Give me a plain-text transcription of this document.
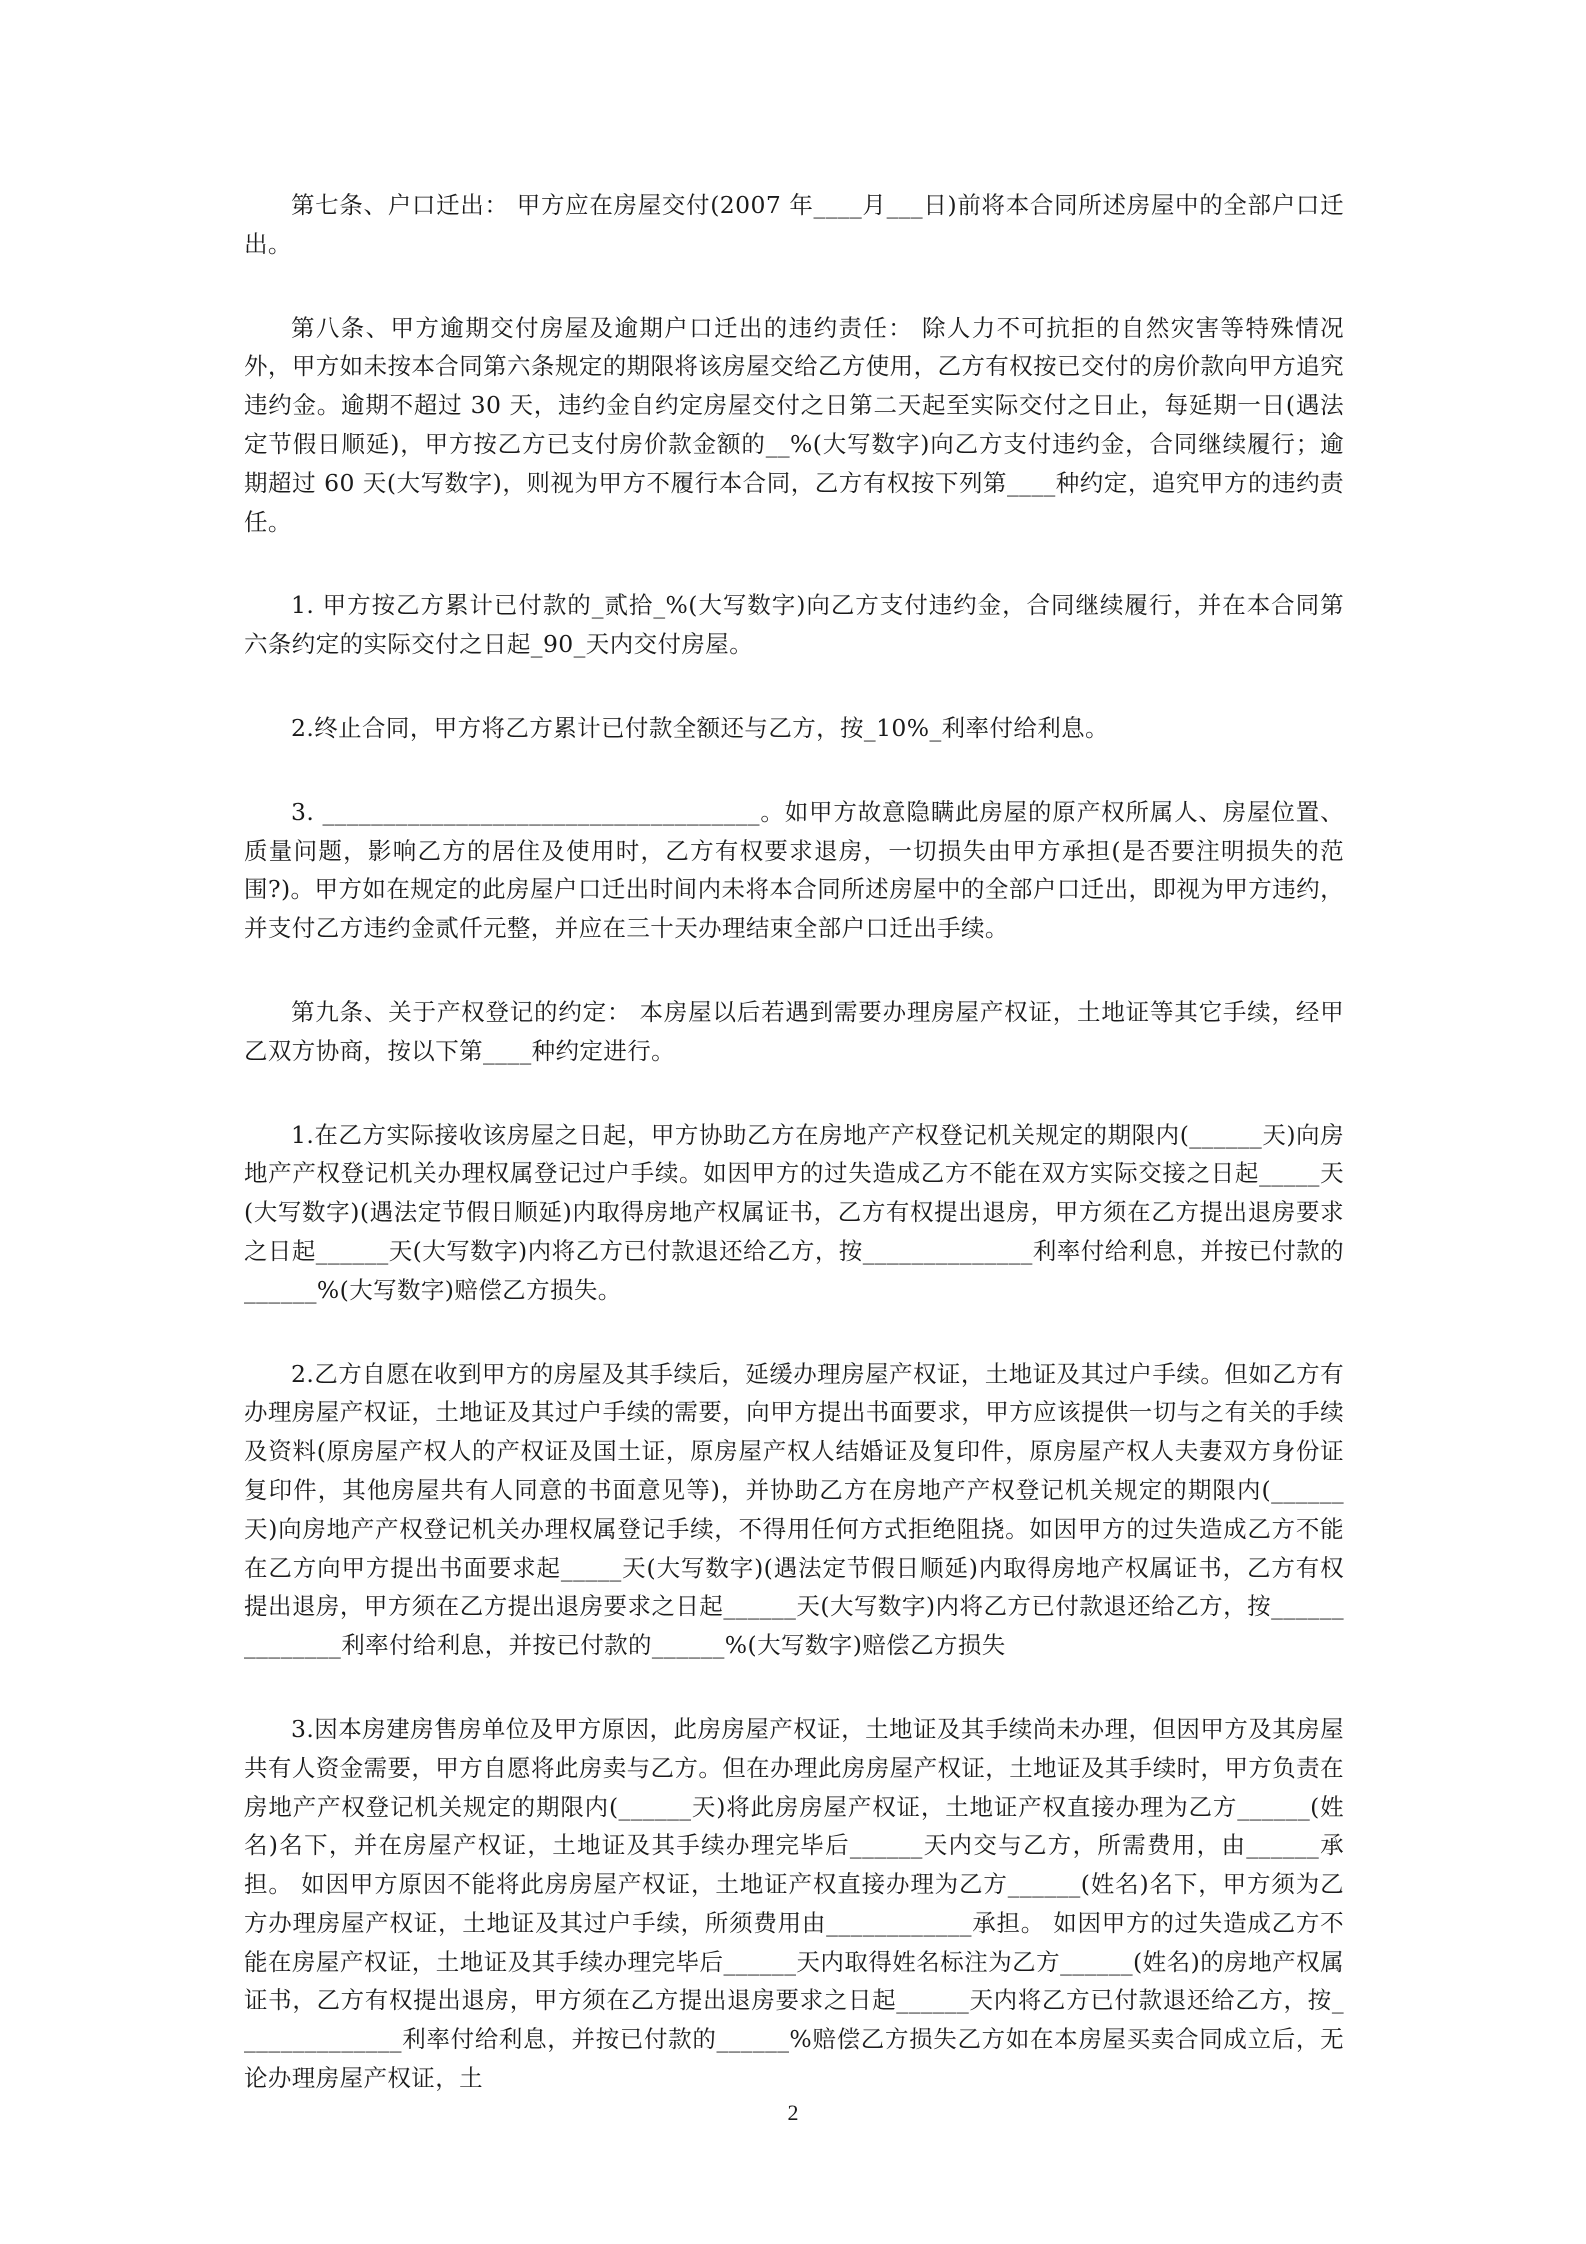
第七条、户口迁出： 甲方应在房屋交付(2007 年____月___日)前将本合同所述房屋中的全部户口迁出。

第八条、甲方逾期交付房屋及逾期户口迁出的违约责任： 除人力不可抗拒的自然灾害等特殊情况外，甲方如未按本合同第六条规定的期限将该房屋交给乙方使用，乙方有权按已交付的房价款向甲方追究违约金。逾期不超过 30 天，违约金自约定房屋交付之日第二天起至实际交付之日止，每延期一日(遇法定节假日顺延)，甲方按乙方已支付房价款金额的__%(大写数字)向乙方支付违约金，合同继续履行；逾期超过 60 天(大写数字)，则视为甲方不履行本合同，乙方有权按下列第____种约定，追究甲方的违约责任。

1. 甲方按乙方累计已付款的_贰拾_%(大写数字)向乙方支付违约金，合同继续履行，并在本合同第六条约定的实际交付之日起_90_天内交付房屋。

2.终止合同，甲方将乙方累计已付款全额还与乙方，按_10%_利率付给利息。

3. ____________________________________。如甲方故意隐瞒此房屋的原产权所属人、房屋位置、质量问题，影响乙方的居住及使用时，乙方有权要求退房，一切损失由甲方承担(是否要注明损失的范围?)。甲方如在规定的此房屋户口迁出时间内未将本合同所述房屋中的全部户口迁出，即视为甲方违约，并支付乙方违约金贰仟元整，并应在三十天办理结束全部户口迁出手续。

第九条、关于产权登记的约定： 本房屋以后若遇到需要办理房屋产权证，土地证等其它手续，经甲乙双方协商，按以下第____种约定进行。

1.在乙方实际接收该房屋之日起，甲方协助乙方在房地产产权登记机关规定的期限内(______天)向房地产产权登记机关办理权属登记过户手续。如因甲方的过失造成乙方不能在双方实际交接之日起_____天(大写数字)(遇法定节假日顺延)内取得房地产权属证书，乙方有权提出退房，甲方须在乙方提出退房要求之日起______天(大写数字)内将乙方已付款退还给乙方，按______________利率付给利息，并按已付款的______%(大写数字)赔偿乙方损失。

2.乙方自愿在收到甲方的房屋及其手续后，延缓办理房屋产权证，土地证及其过户手续。但如乙方有办理房屋产权证，土地证及其过户手续的需要，向甲方提出书面要求，甲方应该提供一切与之有关的手续及资料(原房屋产权人的产权证及国土证，原房屋产权人结婚证及复印件，原房屋产权人夫妻双方身份证复印件，其他房屋共有人同意的书面意见等)，并协助乙方在房地产产权登记机关规定的期限内(______天)向房地产产权登记机关办理权属登记手续，不得用任何方式拒绝阻挠。如因甲方的过失造成乙方不能在乙方向甲方提出书面要求起_____天(大写数字)(遇法定节假日顺延)内取得房地产权属证书，乙方有权提出退房，甲方须在乙方提出退房要求之日起______天(大写数字)内将乙方已付款退还给乙方，按______________利率付给利息，并按已付款的______%(大写数字)赔偿乙方损失

3.因本房建房售房单位及甲方原因，此房房屋产权证，土地证及其手续尚未办理，但因甲方及其房屋共有人资金需要，甲方自愿将此房卖与乙方。但在办理此房房屋产权证，土地证及其手续时，甲方负责在房地产产权登记机关规定的期限内(______天)将此房房屋产权证，土地证产权直接办理为乙方______(姓名)名下，并在房屋产权证，土地证及其手续办理完毕后______天内交与乙方，所需费用，由______承担。 如因甲方原因不能将此房房屋产权证，土地证产权直接办理为乙方______(姓名)名下，甲方须为乙方办理房屋产权证，土地证及其过户手续，所须费用由____________承担。 如因甲方的过失造成乙方不能在房屋产权证，土地证及其手续办理完毕后______天内取得姓名标注为乙方______(姓名)的房地产权属证书，乙方有权提出退房，甲方须在乙方提出退房要求之日起______天内将乙方已付款退还给乙方，按______________利率付给利息，并按已付款的______%赔偿乙方损失乙方如在本房屋买卖合同成立后，无论办理房屋产权证，土

2
